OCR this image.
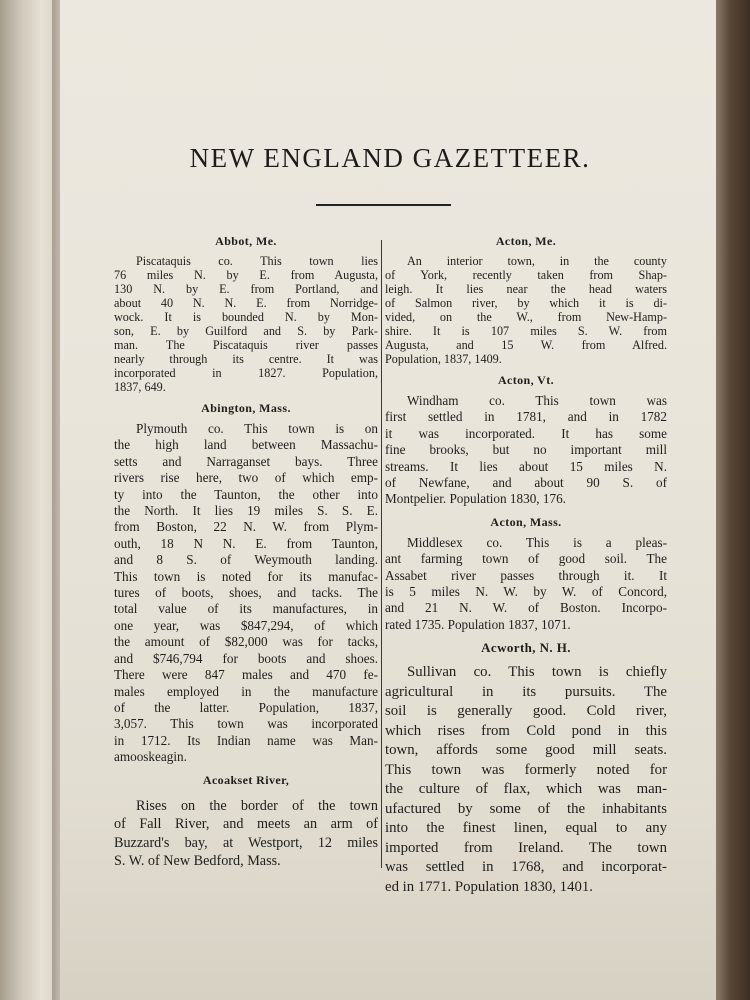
NEW ENGLAND GAZETTEER.
Abbot, Me.
Piscataquis co. This town lies
76 miles N. by E. from Augusta,
130 N. by E. from Portland, and
about 40 N. N. E. from Norridge-
wock. It is bounded N. by Mon-
son, E. by Guilford and S. by Park-
man. The Piscataquis river passes
nearly through its centre. It was
incorporated in 1827. Population,
1837, 649.
Abington, Mass.
Plymouth co. This town is on
the high land between Massachu-
setts and Narraganset bays. Three
rivers rise here, two of which emp-
ty into the Taunton, the other into
the North. It lies 19 miles S. S. E.
from Boston, 22 N. W. from Plym-
outh, 18 N N. E. from Taunton,
and 8 S. of Weymouth landing.
This town is noted for its manufac-
tures of boots, shoes, and tacks. The
total value of its manufactures, in
one year, was $847,294, of which
the amount of $82,000 was for tacks,
and $746,794 for boots and shoes.
There were 847 males and 470 fe-
males employed in the manufacture
of the latter. Population, 1837,
3,057. This town was incorporated
in 1712. Its Indian name was Man-
amooskeagin.
Acoakset River,
Rises on the border of the town
of Fall River, and meets an arm of
Buzzard's bay, at Westport, 12 miles
S. W. of New Bedford, Mass.
Acton, Me.
An interior town, in the county
of York, recently taken from Shap-
leigh. It lies near the head waters
of Salmon river, by which it is di-
vided, on the W., from New-Hamp-
shire. It is 107 miles S. W. from
Augusta, and 15 W. from Alfred.
Population, 1837, 1409.
Acton, Vt.
Windham co. This town was
first settled in 1781, and in 1782
it was incorporated. It has some
fine brooks, but no important mill
streams. It lies about 15 miles N.
of Newfane, and about 90 S. of
Montpelier. Population 1830, 176.
Acton, Mass.
Middlesex co. This is a pleas-
ant farming town of good soil. The
Assabet river passes through it. It
is 5 miles N. W. by W. of Concord,
and 21 N. W. of Boston. Incorpo-
rated 1735. Population 1837, 1071.
Acworth, N. H.
Sullivan co. This town is chiefly
agricultural in its pursuits. The
soil is generally good. Cold river,
which rises from Cold pond in this
town, affords some good mill seats.
This town was formerly noted for
the culture of flax, which was man-
ufactured by some of the inhabitants
into the finest linen, equal to any
imported from Ireland. The town
was settled in 1768, and incorporat-
ed in 1771. Population 1830, 1401.
